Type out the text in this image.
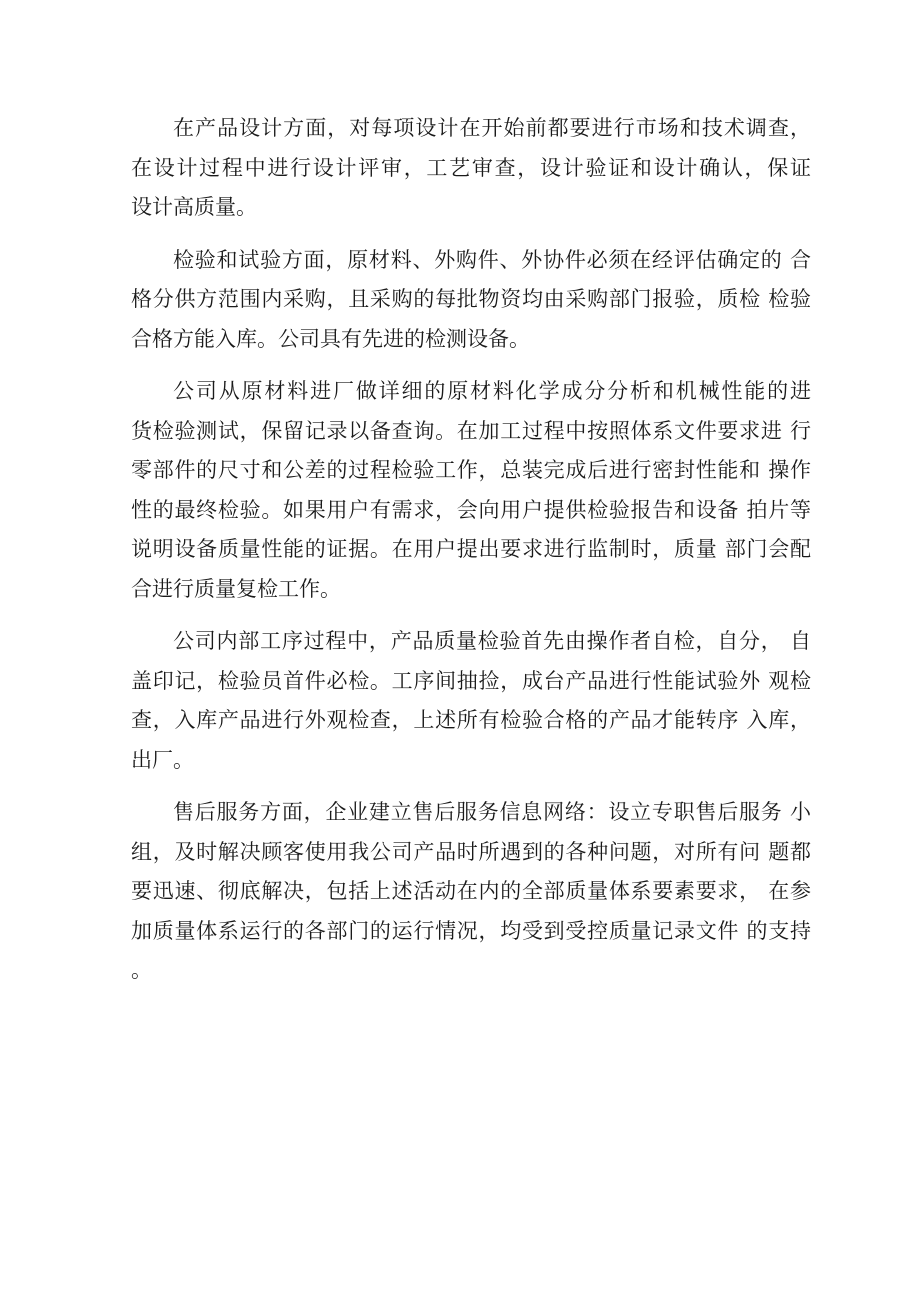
在产品设计方面，对每项设计在开始前都要进行市场和技术调查，
在设计过程中进行设计评审，工艺审查，设计验证和设计确认，保证
设计高质量。

检验和试验方面，原材料、外购件、外协件必须在经评估确定的 合
格分供方范围内采购，且采购的每批物资均由采购部门报验，质检 检验
合格方能入库。公司具有先进的检测设备。

公司从原材料进厂做详细的原材料化学成分分析和机械性能的进
货检验测试，保留记录以备查询。在加工过程中按照体系文件要求进 行
零部件的尺寸和公差的过程检验工作，总装完成后进行密封性能和 操作
性的最终检验。如果用户有需求，会向用户提供检验报告和设备 拍片等
说明设备质量性能的证据。在用户提出要求进行监制时，质量 部门会配
合进行质量复检工作。

公司内部工序过程中，产品质量检验首先由操作者自检，自分， 自
盖印记，检验员首件必检。工序间抽捡，成台产品进行性能试验外 观检
查，入库产品进行外观检查，上述所有检验合格的产品才能转序 入库，
出厂。

售后服务方面，企业建立售后服务信息网络：设立专职售后服务 小
组，及时解决顾客使用我公司产品时所遇到的各种问题，对所有问 题都
要迅速、彻底解决，包括上述活动在内的全部质量体系要素要求， 在参
加质量体系运行的各部门的运行情况，均受到受控质量记录文件 的支持
。
